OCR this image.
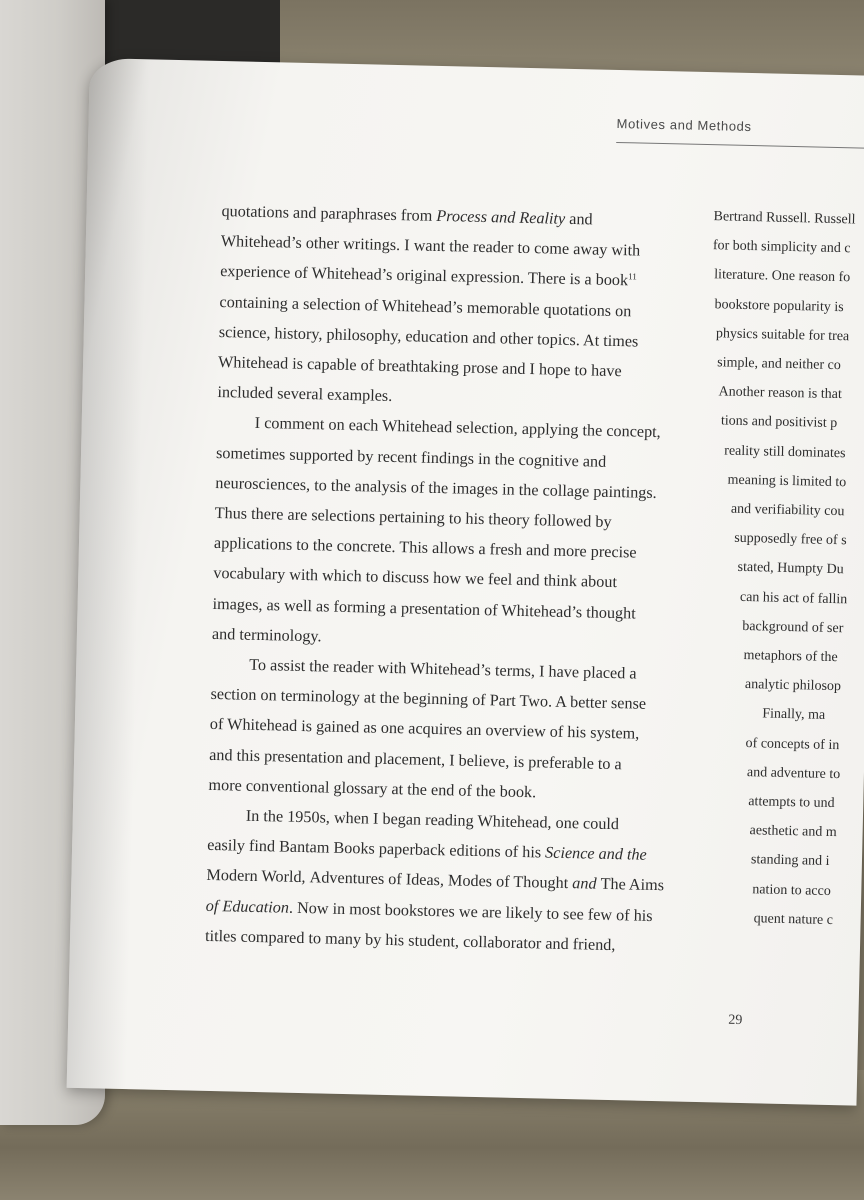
Motives and Methods
quotations and paraphrases from Process and Reality and
Whitehead’s other writings. I want the reader to come away with
experience of Whitehead’s original expression. There is a book$^{11}$
containing a selection of Whitehead’s memorable quotations on
science, history, philosophy, education and other topics. At times
Whitehead is capable of breathtaking prose and I hope to have
included several examples.
I comment on each Whitehead selection, applying the concept,
sometimes supported by recent findings in the cognitive and
neurosciences, to the analysis of the images in the collage paintings.
Thus there are selections pertaining to his theory followed by
applications to the concrete. This allows a fresh and more precise
vocabulary with which to discuss how we feel and think about
images, as well as forming a presentation of Whitehead’s thought
and terminology.
To assist the reader with Whitehead’s terms, I have placed a
section on terminology at the beginning of Part Two. A better sense
of Whitehead is gained as one acquires an overview of his system,
and this presentation and placement, I believe, is preferable to a
more conventional glossary at the end of the book.
In the 1950s, when I began reading Whitehead, one could
easily find Bantam Books paperback editions of his Science and the
Modern World, Adventures of Ideas, Modes of Thought and The Aims
of Education. Now in most bookstores we are likely to see few of his
titles compared to many by his student, collaborator and friend,
Bertrand Russell. Russell
for both simplicity and c
literature. One reason fo
bookstore popularity is
physics suitable for trea
simple, and neither co
Another reason is that
tions and positivist p
reality still dominates
meaning is limited to
and verifiability cou
supposedly free of s
stated, Humpty Du
can his act of fallin
background of ser
metaphors of the
analytic philosop
Finally, ma
of concepts of in
and adventure to
attempts to und
aesthetic and m
standing and i
nation to acco
quent nature c
29
